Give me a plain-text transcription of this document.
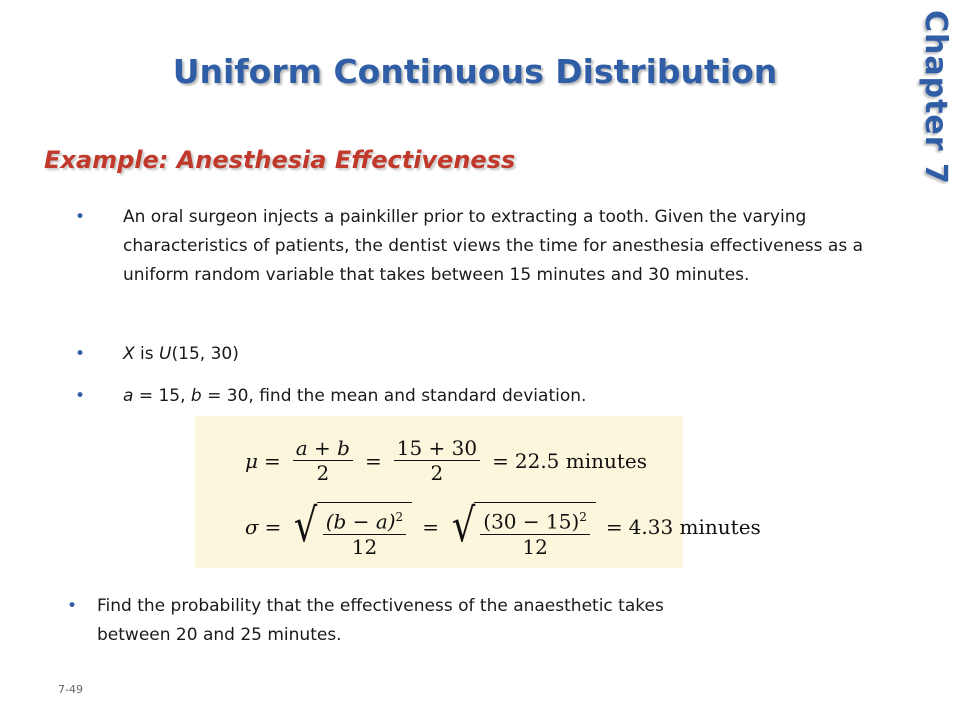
Uniform Continuous Distribution	Chapter 7
Example: Anesthesia Effectiveness
• An oral surgeon injects a painkiller prior to extracting a tooth. Given the varying characteristics of patients, the dentist views the time for anesthesia effectiveness as a uniform random variable that takes between 15 minutes and 30 minutes.
• X is U(15, 30)
• a = 15, b = 30, find the mean and standard deviation.
$\mu = \frac{a + b}{2} = \frac{15 + 30}{2} = 22.5$ minutes
σ = √ $\frac{(b - a)^2}{12}$ = √ $\frac{(30 - 15)^2}{12} = 4.33$ minutes
• Find the probability that the effectiveness of the anaesthetic takes between 20 and 25 minutes.
7-49
